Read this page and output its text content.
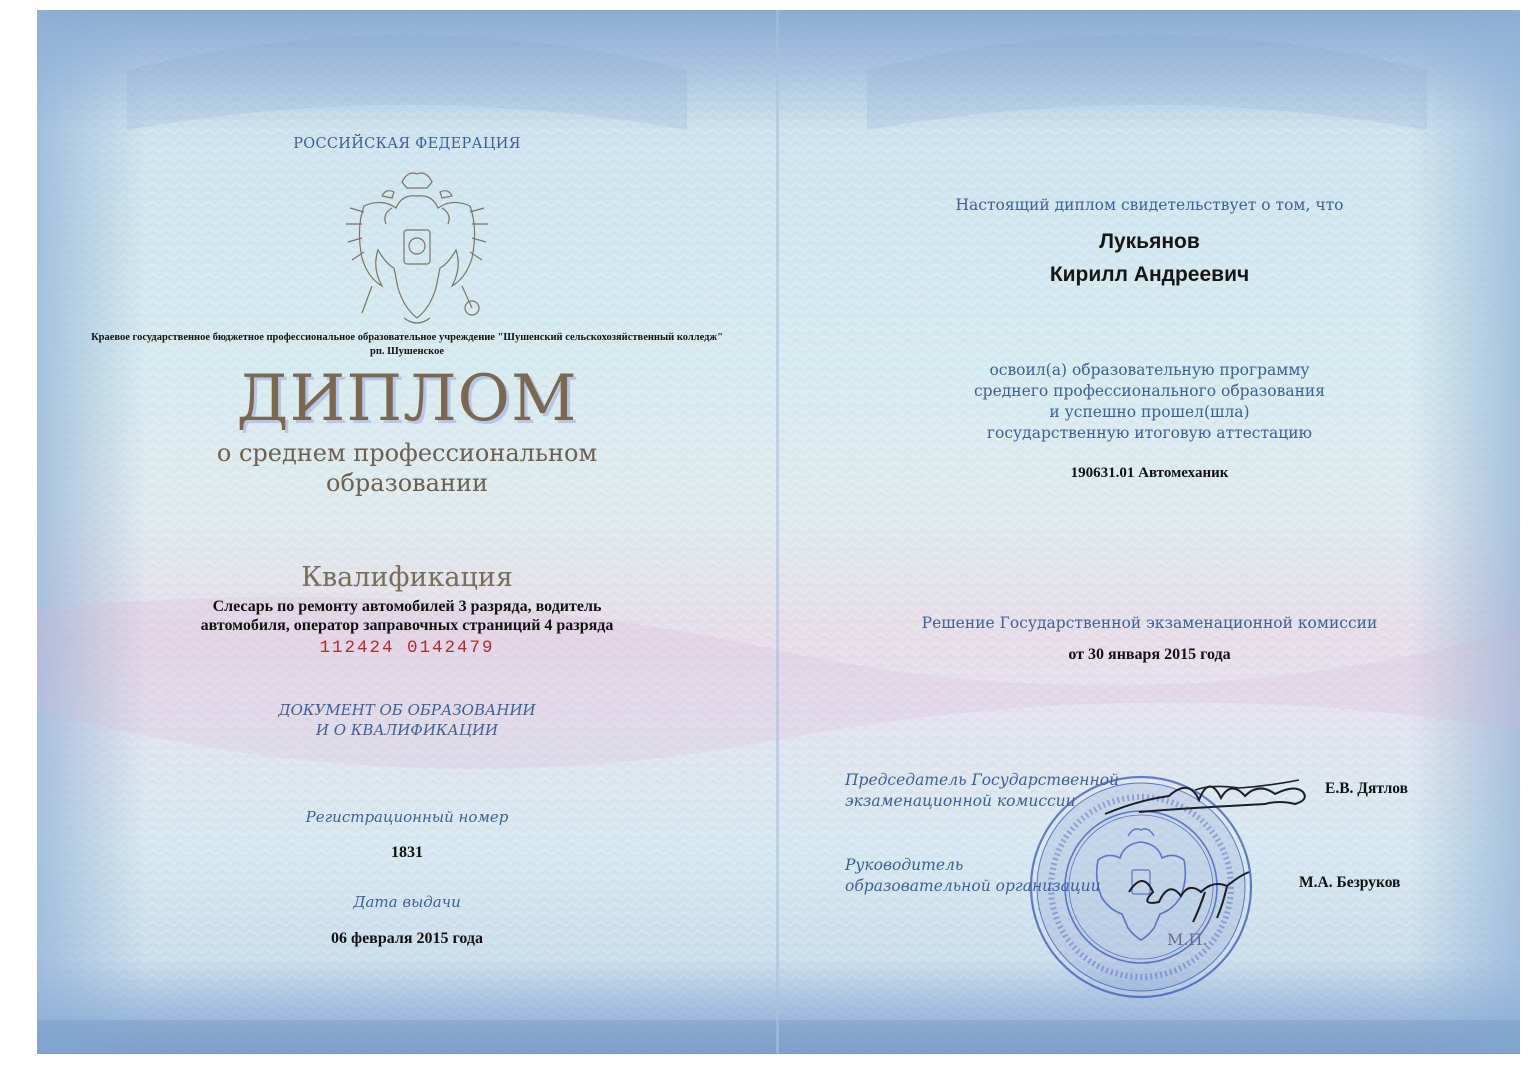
РОССИЙСКАЯ ФЕДЕРАЦИЯ

Краевое государственное бюджетное профессиональное образовательное учреждение "Шушенский сельскохозяйственный колледж"

рп. Шушенское

ДИПЛОМ

о среднем профессиональном
образовании

Квалификация

Слесарь по ремонту автомобилей 3 разряда, водитель автомобиля, оператор заправочных страниций 4 разряда

112424 0142479

ДОКУМЕНТ ОБ ОБРАЗОВАНИИ
И О КВАЛИФИКАЦИИ

Регистрационный номер

1831

Дата выдачи

06 февраля 2015 года

Настоящий диплом свидетельствует о том, что

Лукьянов

Кирилл Андреевич

освоил(а) образовательную программу
среднего профессионального образования
и успешно прошел(шла)
государственную итоговую аттестацию

190631.01 Автомеханик

Решение Государственной экзаменационной комиссии

от 30 января 2015 года

Председатель Государственной
экзаменационной комиссии

Е.В. Дятлов

Руководитель
образовательной организации	М.А. Безруков

М.П.
